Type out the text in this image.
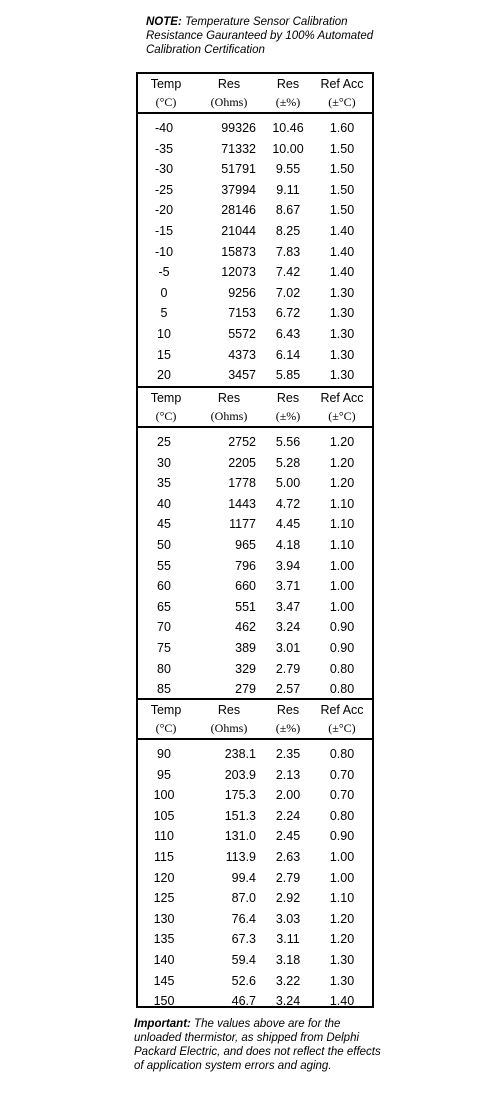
NOTE: Temperature Sensor Calibration Resistance Gauranteed by 100% Automated Calibration Certification
Temp	Res	Res	Ref Acc
(°C)	(Ohms)	(±%)	(±°C)
-40	99326	10.46	1.60
-35	71332	10.00	1.50
-30	51791	9.55	1.50
-25	37994	9.11	1.50
-20	28146	8.67	1.50
-15	21044	8.25	1.40
-10	15873	7.83	1.40
-5	12073	7.42	1.40
0	9256	7.02	1.30
5	7153	6.72	1.30
10	5572	6.43	1.30
15	4373	6.14	1.30
20	3457	5.85	1.30
Temp	Res	Res	Ref Acc
(°C)	(Ohms)	(±%)	(±°C)
25	2752	5.56	1.20
30	2205	5.28	1.20
35	1778	5.00	1.20
40	1443	4.72	1.10
45	1177	4.45	1.10
50	965	4.18	1.10
55	796	3.94	1.00
60	660	3.71	1.00
65	551	3.47	1.00
70	462	3.24	0.90
75	389	3.01	0.90
80	329	2.79	0.80
85	279	2.57	0.80
Temp	Res	Res	Ref Acc
(°C)	(Ohms)	(±%)	(±°C)
90	238.1	2.35	0.80
95	203.9	2.13	0.70
100	175.3	2.00	0.70
105	151.3	2.24	0.80
110	131.0	2.45	0.90
115	113.9	2.63	1.00
120	99.4	2.79	1.00
125	87.0	2.92	1.10
130	76.4	3.03	1.20
135	67.3	3.11	1.20
140	59.4	3.18	1.30
145	52.6	3.22	1.30
150	46.7	3.24	1.40
Important: The values above are for the unloaded thermistor, as shipped from Delphi Packard Electric, and does not reflect the effects of application system errors and aging.
